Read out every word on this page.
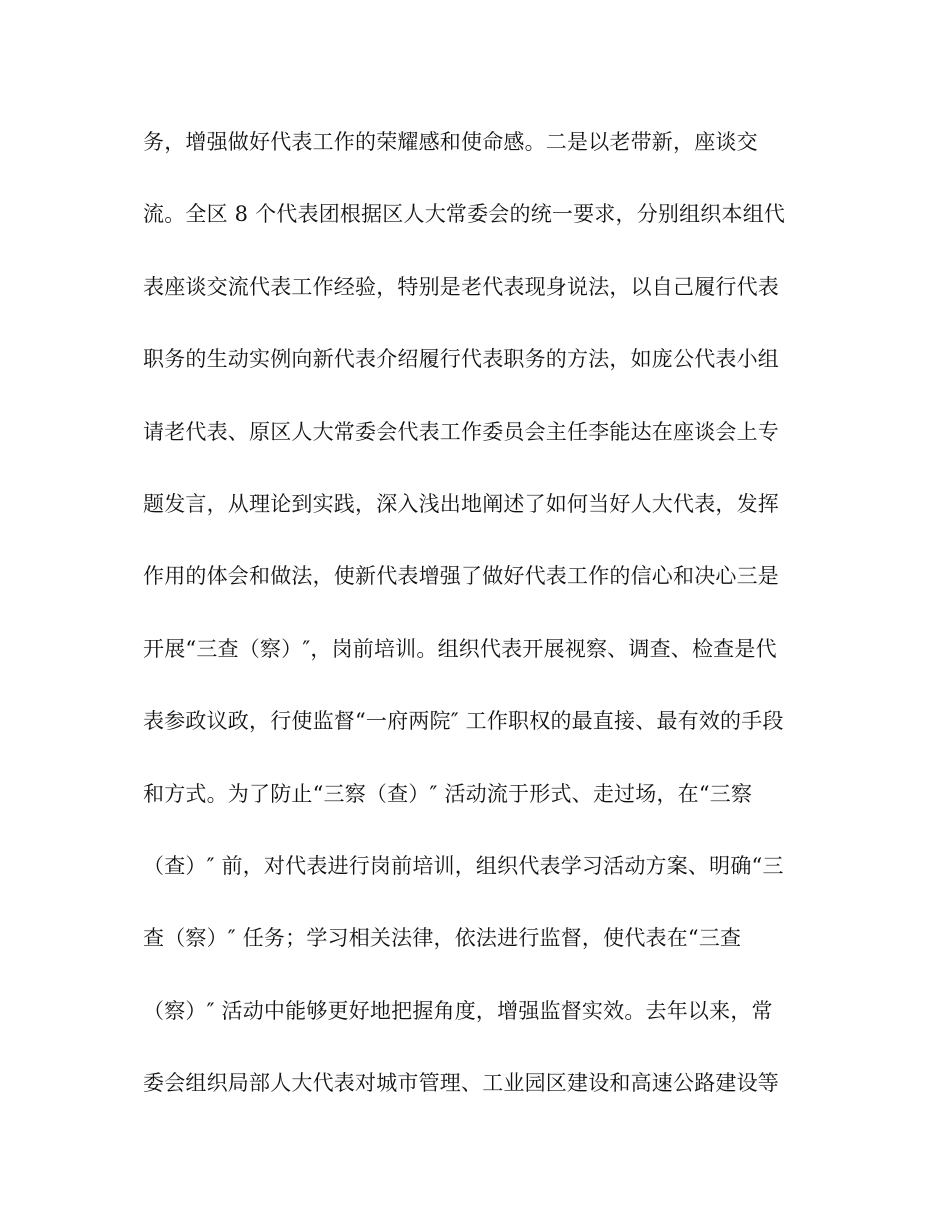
务，增强做好代表工作的荣耀感和使命感。二是以老带新，座谈交
流。全区 8 个代表团根据区人大常委会的统一要求，分别组织本组代
表座谈交流代表工作经验，特别是老代表现身说法，以自己履行代表
职务的生动实例向新代表介绍履行代表职务的方法，如庞公代表小组
请老代表、原区人大常委会代表工作委员会主任李能达在座谈会上专
题发言，从理论到实践，深入浅出地阐述了如何当好人大代表，发挥
作用的体会和做法，使新代表增强了做好代表工作的信心和决心三是
开展“三查（察）″，岗前培训。组织代表开展视察、调查、检查是代
表参政议政，行使监督“一府两院″ 工作职权的最直接、最有效的手段
和方式。为了防止“三察（查）″ 活动流于形式、走过场，在“三察
（查）″ 前，对代表进行岗前培训，组织代表学习活动方案、明确“三
查（察）″ 任务；学习相关法律，依法进行监督，使代表在“三查
（察）″ 活动中能够更好地把握角度，增强监督实效。去年以来，常
委会组织局部人大代表对城市管理、工业园区建设和高速公路建设等
